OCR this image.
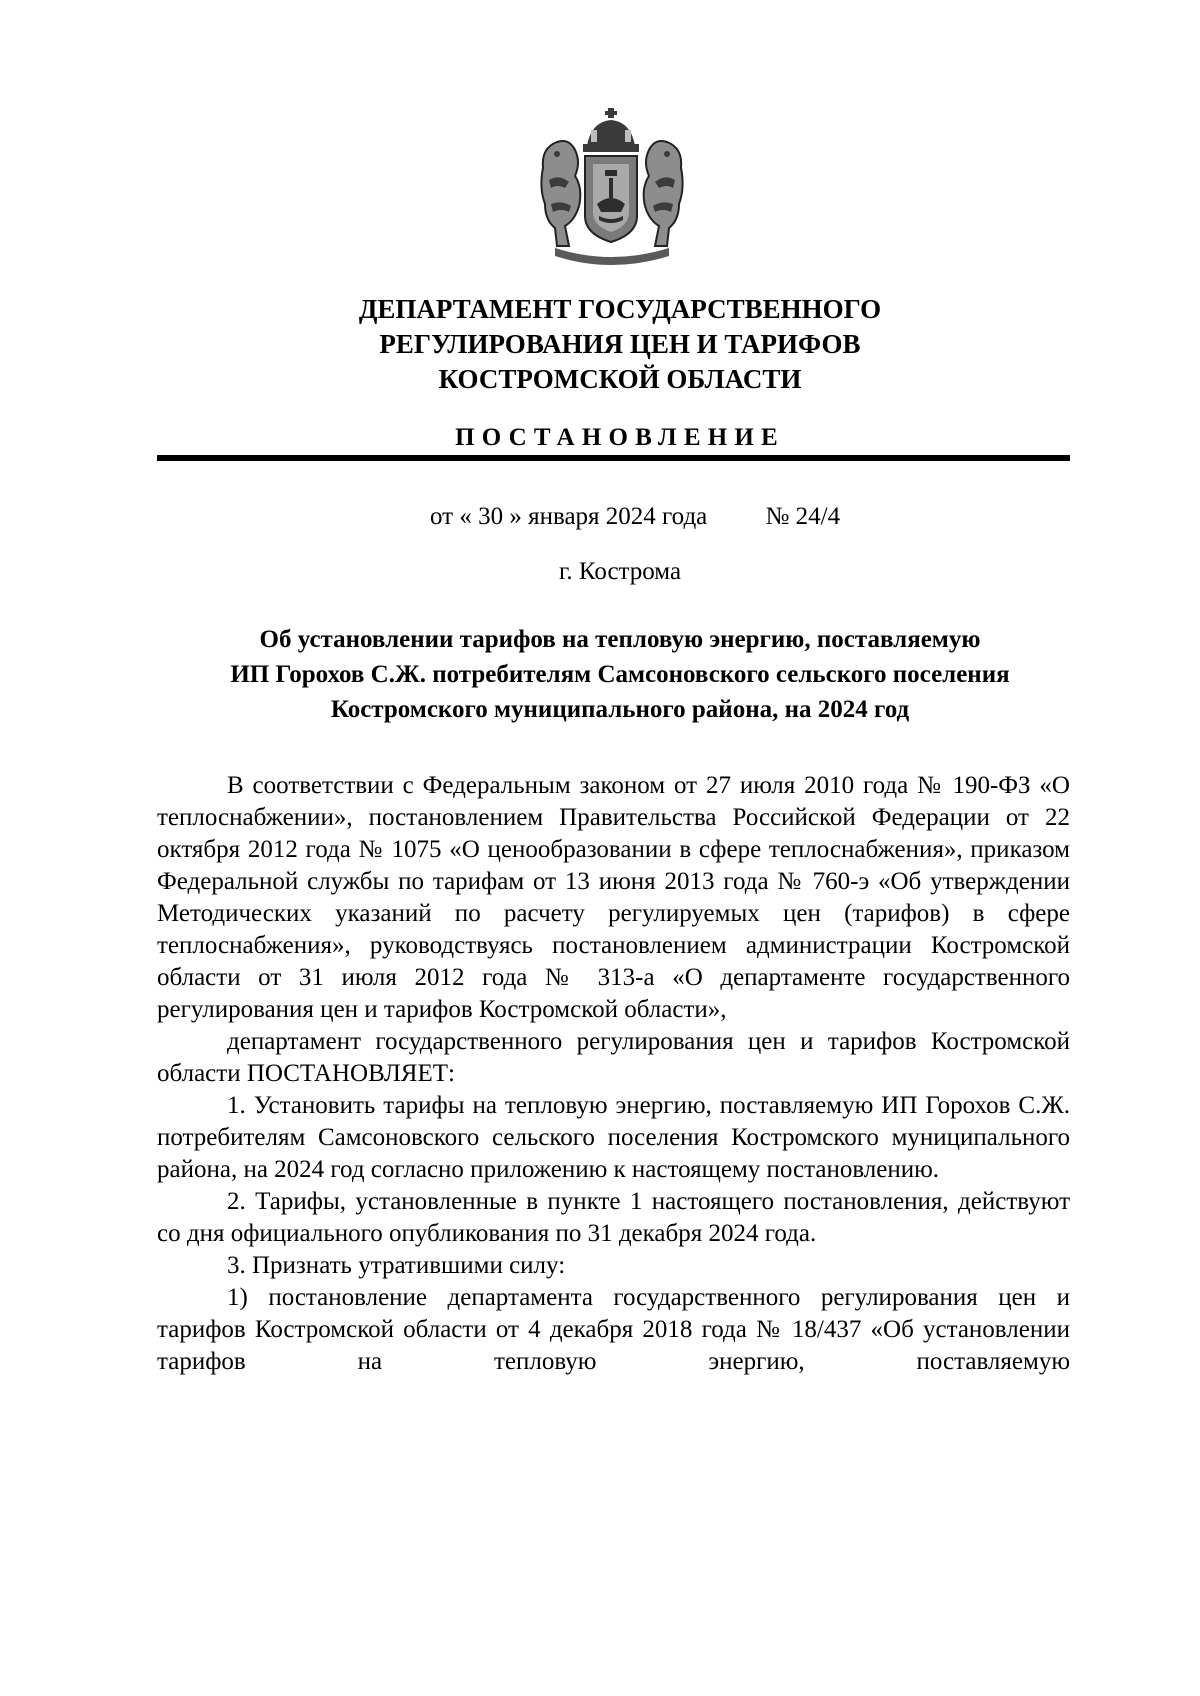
ДЕПАРТАМЕНТ ГОСУДАРСТВЕННОГО
РЕГУЛИРОВАНИЯ ЦЕН И ТАРИФОВ
КОСТРОМСКОЙ ОБЛАСТИ
ПОСТАНОВЛЕНИЕ
от « 30 » января 2024 года № 24/4
г. Кострома
Об установлении тарифов на тепловую энергию, поставляемую
ИП Горохов С.Ж. потребителям Самсоновского сельского поселения
Костромского муниципального района, на 2024 год

В соответствии с Федеральным законом от 27 июля 2010 года № 190-ФЗ «О теплоснабжении», постановлением Правительства Российской Федерации от 22 октября 2012 года № 1075 «О ценообразовании в сфере теплоснабжения», приказом Федеральной службы по тарифам от 13 июня 2013 года № 760-э «Об утверждении Методических указаний по расчету регулируемых цен (тарифов) в сфере теплоснабжения», руководствуясь постановлением администрации Костромской области от 31 июля 2012 года № 313-а «О департаменте государственного регулирования цен и тарифов Костромской области»,

департамент государственного регулирования цен и тарифов Костромской области ПОСТАНОВЛЯЕТ:

1. Установить тарифы на тепловую энергию, поставляемую ИП Горохов С.Ж. потребителям Самсоновского сельского поселения Костромского муниципального района, на 2024 год согласно приложению к настоящему постановлению.

2. Тарифы, установленные в пункте 1 настоящего постановления, действуют со дня официального опубликования по 31 декабря 2024 года.

3. Признать утратившими силу:

1) постановление департамента государственного регулирования цен и тарифов Костромской области от 4 декабря 2018 года № 18/437 «Об установлении тарифов на тепловую энергию, поставляемую
